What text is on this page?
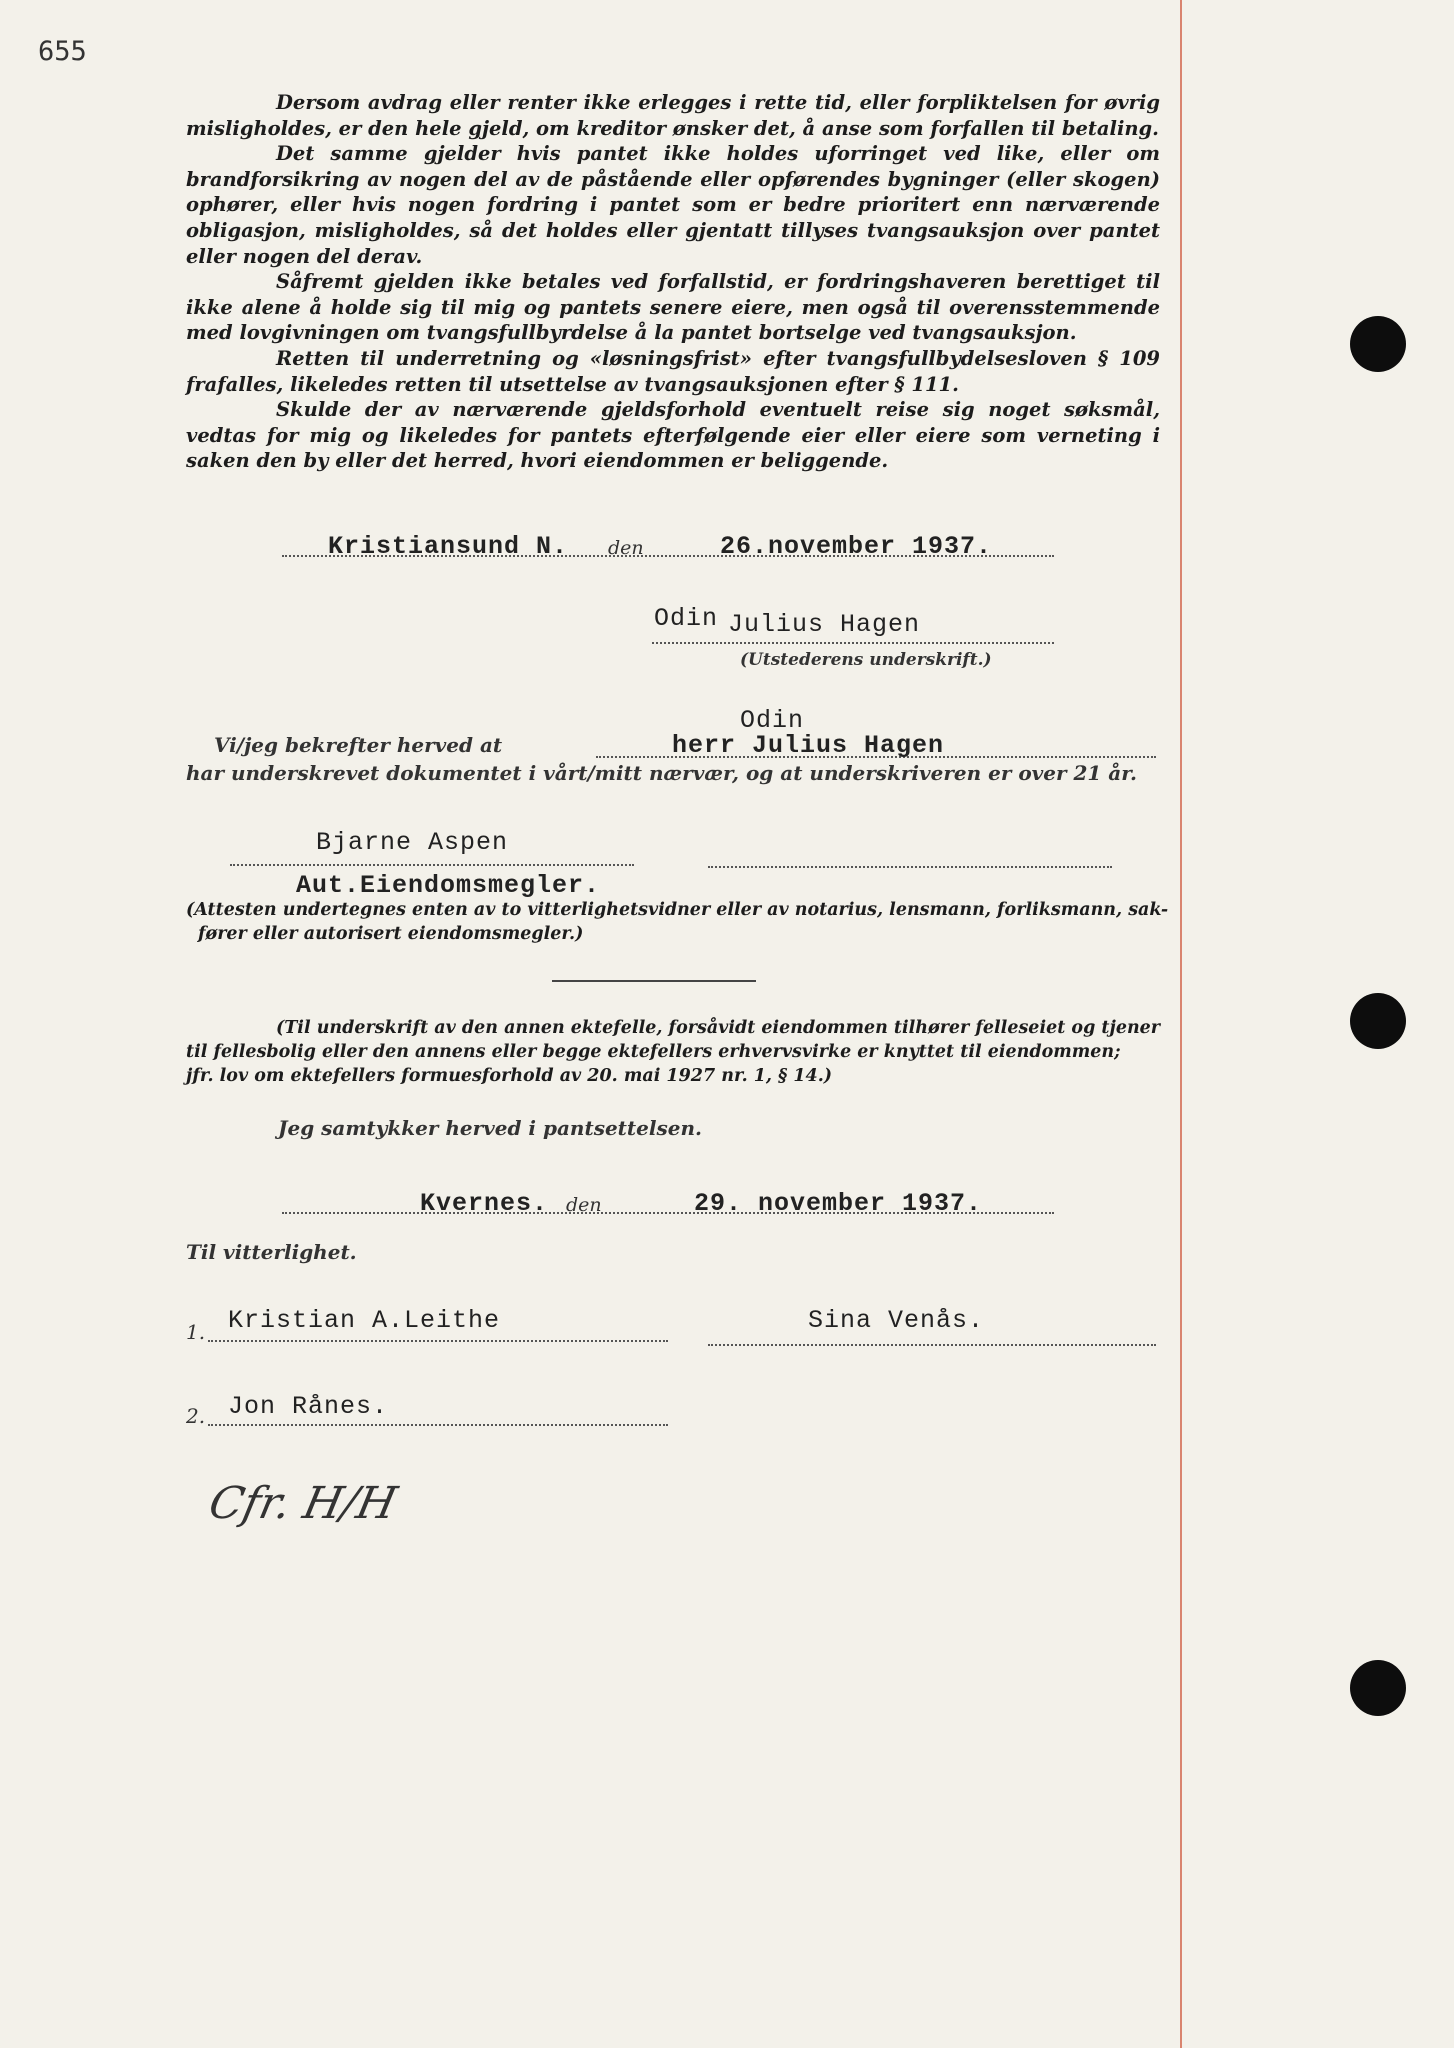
655

Dersom avdrag eller renter ikke erlegges i rette tid, eller forpliktelsen for øvrig misligholdes, er den hele gjeld, om kreditor ønsker det, å anse som forfallen til betaling.

Det samme gjelder hvis pantet ikke holdes uforringet ved like, eller om brandforsikring av nogen del av de påstående eller opførendes bygninger (eller skogen) ophører, eller hvis nogen fordring i pantet som er bedre prioritert enn nærværende obligasjon, misligholdes, så det holdes eller gjentatt tillyses tvangsauksjon over pantet eller nogen del derav.

Såfremt gjelden ikke betales ved forfallstid, er fordringshaveren berettiget til ikke alene å holde sig til mig og pantets senere eiere, men også til overensstemmende med lovgivningen om tvangsfullbyrdelse å la pantet bortselge ved tvangsauksjon.

Retten til underretning og «løsningsfrist» efter tvangsfullbydelsesloven § 109 frafalles, likeledes retten til utsettelse av tvangsauksjonen efter § 111.

Skulde der av nærværende gjeldsforhold eventuelt reise sig noget søksmål, vedtas for mig og likeledes for pantets efterfølgende eier eller eiere som verneting i saken den by eller det herred, hvori eiendommen er beliggende.

Kristiansund N. den	26.november 1937.
Odin Julius Hagen
(Utstederens underskrift.)
Odin
Vi/jeg bekrefter herved at	herr Julius Hagen
har underskrevet dokumentet i vårt/mitt nærvær, og at underskriveren er over 21 år.
Bjarne Aspen
Aut.Eiendomsmegler.
(Attesten undertegnes enten av to vitterlighetsvidner eller av notarius, lensmann, forliksmann, sak-
fører eller autorisert eiendomsmegler.)
(Til underskrift av den annen ektefelle, forsåvidt eiendommen tilhører felleseiet og tjener
til fellesbolig eller den annens eller begge ektefellers erhvervsvirke er knyttet til eiendommen;
jfr. lov om ektefellers formuesforhold av 20. mai 1927 nr. 1, § 14.)
Jeg samtykker herved i pantsettelsen.
Kvernes. den	29. november 1937.
Til vitterlighet.
1. Kristian A.Leithe	Sina Venås.
2. Jon Rånes.
Cfr. H/H
